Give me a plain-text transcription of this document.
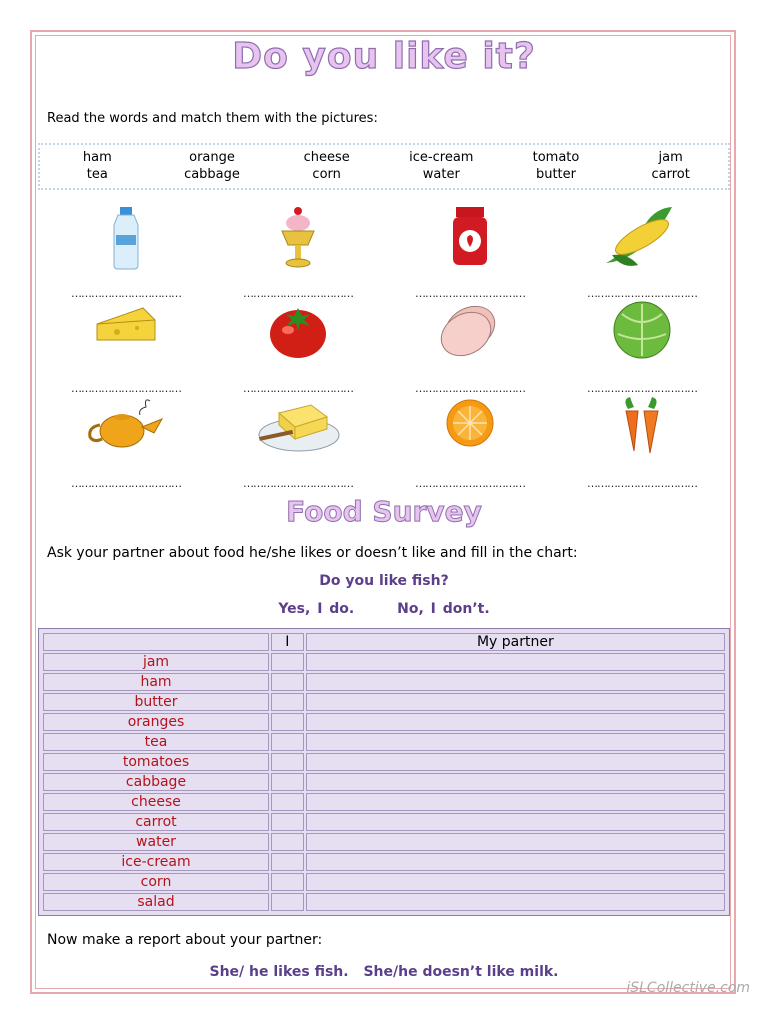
Do you like it?
Read the words and match them with the pictures:
ham	orange	cheese	ice-cream	tomato	jam
tea	cabbage	corn	water	butter	carrot
……………………………	……………………………	……………………………	……………………………
……………………………	……………………………	……………………………	……………………………
……………………………	……………………………	……………………………	……………………………
Food Survey
Ask your partner about food he/she likes or doesn’t like and fill in the chart:
Do you like fish?
Yes, I do.	No, I don’t.
	I	My partner
jam		
ham		
butter		
oranges		
tea		
tomatoes		
cabbage		
cheese		
carrot		
water		
ice-cream		
corn		
salad		
Now make a report about your partner:
She/ he likes fish. She/he doesn’t like milk.
iSLCollective.com
